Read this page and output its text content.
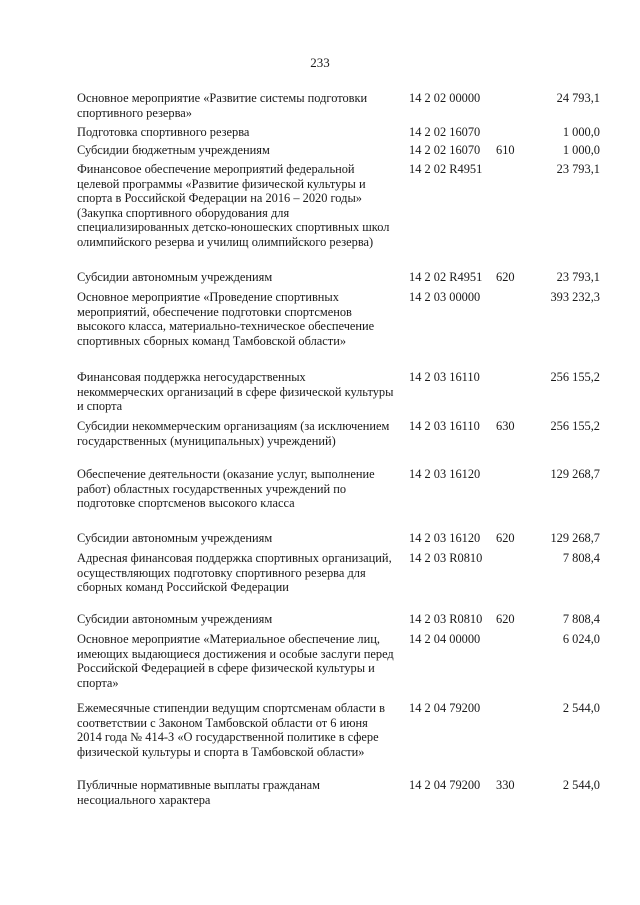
233
Основное мероприятие «Развитие системы подготовки спортивного резерва»
14 2 02 00000	24 793,1
Подготовка спортивного резерва	14 2 02 16070	1 000,0
Субсидии бюджетным учреждениям	14 2 02 16070 610	1 000,0
Финансовое обеспечение мероприятий федеральной целевой программы «Развитие физической культуры и спорта в Российской Федерации на 2016 – 2020 годы» (Закупка спортивного оборудования для специализированных детско-юношеских спортивных школ олимпийского резерва и училищ олимпийского резерва)
14 2 02 R4951	23 793,1
Субсидии автономным учреждениям	14 2 02 R4951 620	23 793,1
Основное мероприятие «Проведение спортивных мероприятий, обеспечение подготовки спортсменов высокого класса, материально-техническое обеспечение спортивных сборных команд Тамбовской области»
14 2 03 00000	393 232,3
Финансовая поддержка негосударственных некоммерческих организаций в сфере физической культуры и спорта
14 2 03 16110	256 155,2
Субсидии некоммерческим организациям (за исключением государственных (муниципальных) учреждений)
14 2 03 16110 630	256 155,2
Обеспечение деятельности (оказание услуг, выполнение работ) областных государственных учреждений по подготовке спортсменов высокого класса
14 2 03 16120	129 268,7
Субсидии автономным учреждениям	14 2 03 16120 620	129 268,7
Адресная финансовая поддержка спортивных организаций, осуществляющих подготовку спортивного резерва для сборных команд Российской Федерации
14 2 03 R0810	7 808,4
Субсидии автономным учреждениям	14 2 03 R0810 620	7 808,4
Основное мероприятие «Материальное обеспечение лиц, имеющих выдающиеся достижения и особые заслуги перед Российской Федерацией в сфере физической культуры и спорта»
14 2 04 00000	6 024,0
Ежемесячные стипендии ведущим спортсменам области в соответствии с Законом Тамбовской области от 6 июня 2014 года № 414-З «О государственной политике в сфере физической культуры и спорта в Тамбовской области»
14 2 04 79200	2 544,0
Публичные нормативные выплаты гражданам несоциального характера
14 2 04 79200 330	2 544,0
